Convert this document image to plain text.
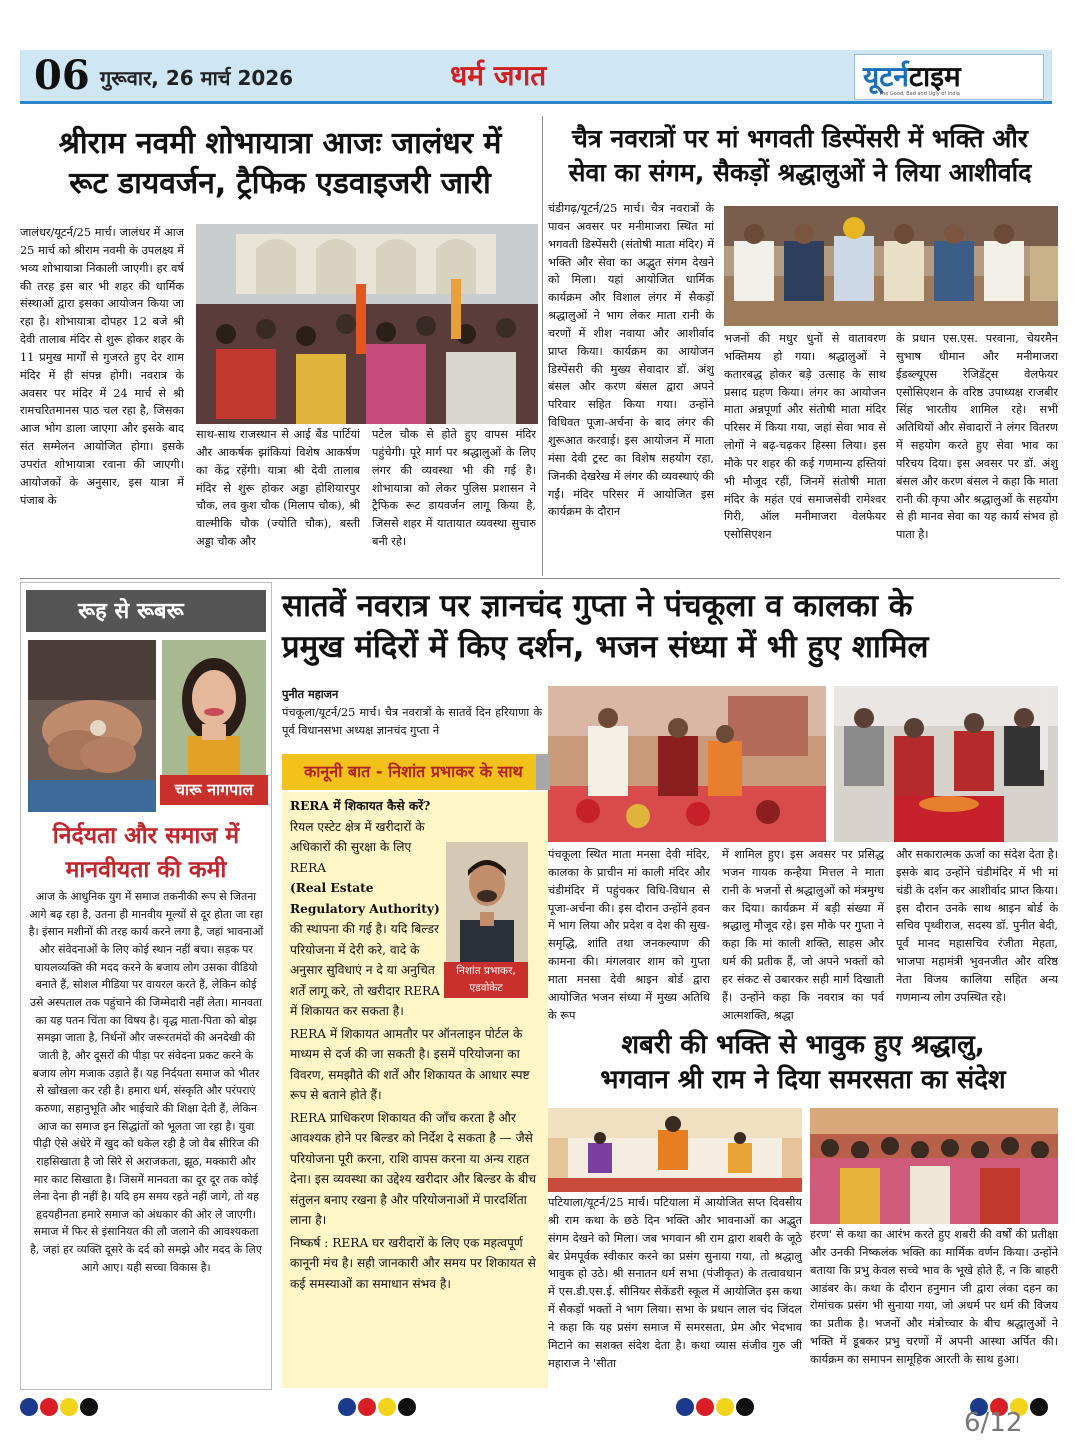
06 गुरूवार, 26 मार्च 2026	धर्म जगत	यूटर्नटाइम
The Good, Bad and Ugly of India
श्रीराम नवमी शोभायात्रा आजः जालंधर में
रूट डायवर्जन, ट्रैफिक एडवाइजरी जारी
जालंधर/यूटर्न/25 मार्च। जालंधर में आज 25 मार्च को श्रीराम नवमी के उपलक्ष्य में भव्य शोभायात्रा निकाली जाएगी। हर वर्ष की तरह इस बार भी शहर की धार्मिक संस्थाओं द्वारा इसका आयोजन किया जा रहा है। शोभायात्रा दोपहर 12 बजे श्री देवी तालाब मंदिर से शुरू होकर शहर के 11 प्रमुख मार्गों से गुजरते हुए देर शाम मंदिर में ही संपन्न होगी। नवरात्र के अवसर पर मंदिर में 24 मार्च से श्री रामचरितमानस पाठ चल रहा है, जिसका आज भोग डाला जाएगा और इसके बाद संत सम्मेलन आयोजित होगा। इसके उपरांत शोभायात्रा रवाना की जाएगी। आयोजकों के अनुसार, इस यात्रा में पंजाब के
साथ-साथ राजस्थान से आई बैंड पार्टियां और आकर्षक झांकियां विशेष आकर्षण का केंद्र रहेंगी। यात्रा श्री देवी तालाब मंदिर से शुरू होकर अड्डा होशियारपुर चौक, लव कुश चौक (मिलाप चौक), श्री वाल्मीकि चौक (ज्योति चौक), बस्ती अड्डा चौक और
पटेल चौक से होते हुए वापस मंदिर पहुंचेगी। पूरे मार्ग पर श्रद्धालुओं के लिए लंगर की व्यवस्था भी की गई है। शोभायात्रा को लेकर पुलिस प्रशासन ने ट्रैफिक रूट डायवर्जन लागू किया है, जिससे शहर में यातायात व्यवस्था सुचारु बनी रहे।
चैत्र नवरात्रों पर मां भगवती डिस्पेंसरी में भक्ति और
सेवा का संगम, सैकड़ों श्रद्धालुओं ने लिया आशीर्वाद
चंडीगढ़/यूटर्न/25 मार्च। चैत्र नवरात्रों के पावन अवसर पर मनीमाजरा स्थित मां भगवती डिस्पेंसरी (संतोषी माता मंदिर) में भक्ति और सेवा का अद्भुत संगम देखने को मिला। यहां आयोजित धार्मिक कार्यक्रम और विशाल लंगर में सैकड़ों श्रद्धालुओं ने भाग लेकर माता रानी के चरणों में शीश नवाया और आशीर्वाद प्राप्त किया। कार्यक्रम का आयोजन डिस्पेंसरी की मुख्य सेवादार डॉ. अंशु बंसल और करण बंसल द्वारा अपने परिवार सहित किया गया। उन्होंने विधिवत पूजा-अर्चना के बाद लंगर की शुरूआत करवाई। इस आयोजन में माता मंसा देवी ट्रस्ट का विशेष सहयोग रहा, जिनकी देखरेख में लंगर की व्यवस्थाएं की गईं। मंदिर परिसर में आयोजित इस कार्यक्रम के दौरान
भजनों की मधुर धुनों से वातावरण भक्तिमय हो गया। श्रद्धालुओं ने कतारबद्ध होकर बड़े उत्साह के साथ प्रसाद ग्रहण किया। लंगर का आयोजन माता अन्नपूर्णा और संतोषी माता मंदिर परिसर में किया गया, जहां सेवा भाव से लोगों ने बढ़-चढ़कर हिस्सा लिया। इस मौके पर शहर की कई गणमान्य हस्तियां भी मौजूद रहीं, जिनमें संतोषी माता मंदिर के महंत एवं समाजसेवी रामेश्वर गिरी, ऑल मनीमाजरा वेलफेयर एसोसिएशन
के प्रधान एस.एस. परवाना, चेयरमैन सुभाष धीमान और मनीमाजरा ईडब्ल्यूएस रेजिडेंट्स वेलफेयर एसोसिएशन के वरिष्ठ उपाध्यक्ष राजबीर सिंह भारतीय शामिल रहे। सभी अतिथियों और सेवादारों ने लंगर वितरण में सहयोग करते हुए सेवा भाव का परिचय दिया। इस अवसर पर डॉ. अंशु बंसल और करण बंसल ने कहा कि माता रानी की कृपा और श्रद्धालुओं के सहयोग से ही मानव सेवा का यह कार्य संभव हो पाता है।
रूह से रूबरू
चारू नागपाल
निर्दयता और समाज में
मानवीयता की कमी
आज के आधुनिक युग में समाज तकनीकी रूप से जितना आगे बढ़ रहा है, उतना ही मानवीय मूल्यों से दूर होता जा रहा है। इंसान मशीनों की तरह कार्य करने लगा है, जहां भावनाओं और संवेदनाओं के लिए कोई स्थान नहीं बचा। सड़क पर घायलव्यक्ति की मदद करने के बजाय लोग उसका वीडियो बनाते हैं, सोशल मीडिया पर वायरल करते हैं, लेकिन कोई उसे अस्पताल तक पहुंचाने की जिम्मेदारी नहीं लेता। मानवता का यह पतन चिंता का विषय है। वृद्ध माता-पिता को बोझ समझा जाता है, निर्धनों और जरूरतमंदों की अनदेखी की जाती है, और दूसरों की पीड़ा पर संवेदना प्रकट करने के बजाय लोग मजाक उड़ाते हैं। यह निर्दयता समाज को भीतर से खोखला कर रही है। हमारा धर्म, संस्कृति और परंपराएं करुणा, सहानुभूति और भाईचारे की शिक्षा देती हैं, लेकिन आज का समाज इन सिद्धांतों को भूलता जा रहा है। युवा पीढ़ी ऐसे अंधेरे में खुद को धकेल रही है जो वैब सीरिज की राहसिखाता है जो सिरे से अराजकता, झूठ, मक्कारी और मार काट सिखाता है। जिसमें मानवता का दूर दूर तक कोई लेना देना ही नहीं है। यदि हम समय रहते नहीं जागे, तो यह हृदयहीनता हमारे समाज को अंधकार की ओर ले जाएगी। समाज में फिर से इंसानियत की लौ जलाने की आवश्यकता है, जहां हर व्यक्ति दूसरे के दर्द को समझे और मदद के लिए आगे आए। यही सच्चा विकास है।
सातवें नवरात्र पर ज्ञानचंद गुप्ता ने पंचकूला व कालका के
प्रमुख मंदिरों में किए दर्शन, भजन संध्या में भी हुए शामिल
पुनीत महाजन
पंचकूला/यूटर्न/25 मार्च। चैत्र नवरात्रों के सातवें दिन हरियाणा के पूर्व विधानसभा अध्यक्ष ज्ञानचंद गुप्ता ने
पंचकूला स्थित माता मनसा देवी मंदिर, कालका के प्राचीन मां काली मंदिर और चंडीमंदिर में पहुंचकर विधि-विधान से पूजा-अर्चना की। इस दौरान उन्होंने हवन में भाग लिया और प्रदेश व देश की सुख-समृद्धि, शांति तथा जनकल्याण की कामना की। मंगलवार शाम को गुप्ता माता मनसा देवी श्राइन बोर्ड द्वारा आयोजित भजन संध्या में मुख्य अतिथि के रूप
में शामिल हुए। इस अवसर पर प्रसिद्ध भजन गायक कन्हैया मित्तल ने माता रानी के भजनों से श्रद्धालुओं को मंत्रमुग्ध कर दिया। कार्यक्रम में बड़ी संख्या में श्रद्धालु मौजूद रहे। इस मौके पर गुप्ता ने कहा कि मां काली शक्ति, साहस और धर्म की प्रतीक हैं, जो अपने भक्तों को हर संकट से उबारकर सही मार्ग दिखाती हैं। उन्होंने कहा कि नवरात्र का पर्व आत्मशक्ति, श्रद्धा
और सकारात्मक ऊर्जा का संदेश देता है। इसके बाद उन्होंने चंडीमंदिर में भी मां चंडी के दर्शन कर आशीर्वाद प्राप्त किया। इस दौरान उनके साथ श्राइन बोर्ड के सचिव पृथ्वीराज, सदस्य डॉ. पुनीत बेदी, पूर्व मानद महासचिव रंजीता मेहता, भाजपा महामंत्री भुवनजीत और वरिष्ठ नेता विजय कालिया सहित अन्य गणमान्य लोग उपस्थित रहे।
कानूनी बात - निशांत प्रभाकर के साथ
RERA में शिकायत कैसे करें?
रियल एस्टेट क्षेत्र में खरीदारों के अधिकारों की सुरक्षा के लिए RERA
(Real Estate Regulatory Authority)
की स्थापना की गई है। यदि बिल्डर परियोजना में देरी करे, वादे के अनुसार सुविधाएं न दे या अनुचित शर्तें लागू करे, तो खरीदार RERA में शिकायत कर सकता है।
RERA में शिकायत आमतौर पर ऑनलाइन पोर्टल के माध्यम से दर्ज की जा सकती है। इसमें परियोजना का विवरण, समझौते की शर्तें और शिकायत के आधार स्पष्ट रूप से बताने होते हैं।
RERA प्राधिकरण शिकायत की जाँच करता है और आवश्यक होने पर बिल्डर को निर्देश दे सकता है — जैसे परियोजना पूरी करना, राशि वापस करना या अन्य राहत देना। इस व्यवस्था का उद्देश्य खरीदार और बिल्डर के बीच संतुलन बनाए रखना है और परियोजनाओं में पारदर्शिता लाना है।
निष्कर्ष : RERA घर खरीदारों के लिए एक महत्वपूर्ण कानूनी मंच है। सही जानकारी और समय पर शिकायत से कई समस्याओं का समाधान संभव है।
निशांत प्रभाकर,
एडवोकेट
शबरी की भक्ति से भावुक हुए श्रद्धालु,
भगवान श्री राम ने दिया समरसता का संदेश
पटियाला/यूटर्न/25 मार्च। पटियाला में आयोजित सप्त दिवसीय श्री राम कथा के छठे दिन भक्ति और भावनाओं का अद्भुत संगम देखने को मिला। जब भगवान श्री राम द्वारा शबरी के जूठे बेर प्रेमपूर्वक स्वीकार करने का प्रसंग सुनाया गया, तो श्रद्धालु भावुक हो उठे। श्री सनातन धर्म सभा (पंजीकृत) के तत्वावधान में एस.डी.एस.ई. सीनियर सेकेंडरी स्कूल में आयोजित इस कथा में सैकड़ों भक्तों ने भाग लिया। सभा के प्रधान लाल चंद जिंदल ने कहा कि यह प्रसंग समाज में समरसता, प्रेम और भेदभाव मिटाने का सशक्त संदेश देता है। कथा व्यास संजीव गुरु जी महाराज ने 'सीता
हरण' से कथा का आरंभ करते हुए शबरी की वर्षों की प्रतीक्षा और उनकी निष्कलंक भक्ति का मार्मिक वर्णन किया। उन्होंने बताया कि प्रभु केवल सच्चे भाव के भूखे होते हैं, न कि बाहरी आडंबर के। कथा के दौरान हनुमान जी द्वारा लंका दहन का रोमांचक प्रसंग भी सुनाया गया, जो अधर्म पर धर्म की विजय का प्रतीक है। भजनों और मंत्रोच्चार के बीच श्रद्धालुओं ने भक्ति में डूबकर प्रभु चरणों में अपनी आस्था अर्पित की। कार्यक्रम का समापन सामूहिक आरती के साथ हुआ।
6/12
